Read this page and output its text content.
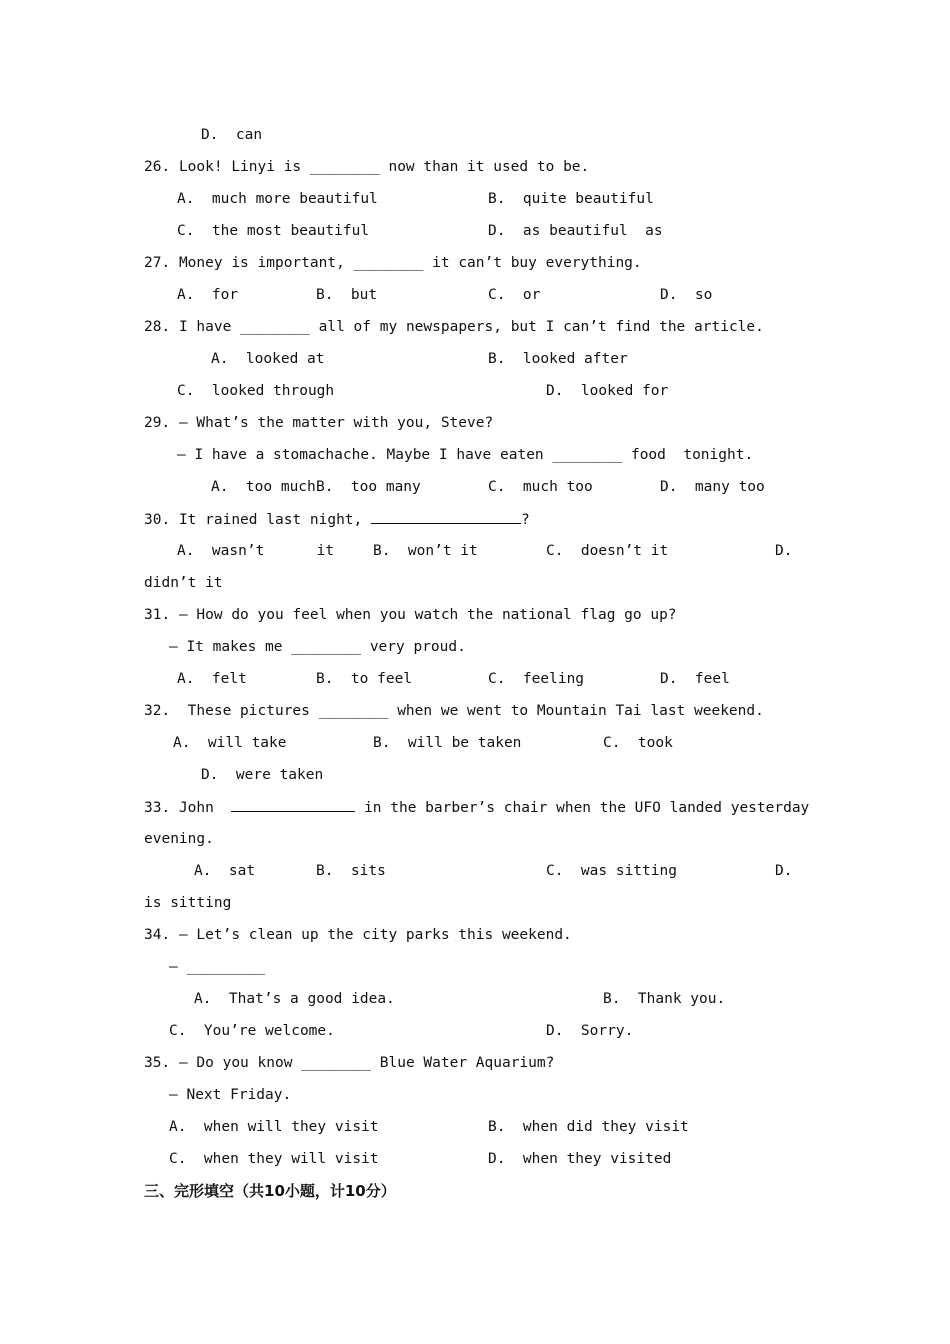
D.  can
26. Look! Linyi is ________ now than it used to be.
A.  much more beautiful	B.  quite beautiful
C.  the most beautiful	D.  as beautiful  as
27. Money is important, ________ it can’t buy everything.
A.  for	B.  but	C.  or	D.  so
28. I have ________ all of my newspapers, but I can’t find the article.
A.  looked at	B.  looked after
C.  looked through	D.  looked for
29. — What’s the matter with you, Steve?
— I have a stomachache. Maybe I have eaten ________ food  tonight.
A.  too much B.  too many	C.  much too	D.  many too
30. It rained last night,	?
A.  wasn’t      it	B.  won’t it	C.  doesn’t it	D.
didn’t it
31. — How do you feel when you watch the national flag go up?
— It makes me ________ very proud.
A.  felt	B.  to feel	C.  feeling	D.  feel
32.  These pictures ________ when we went to Mountain Tai last weekend.
A.  will take	B.  will be taken	C.  took
D.  were taken
33. John	in the barber’s chair when the UFO landed yesterday
evening.
A.  sat	B.  sits	C.  was sitting	D.
is sitting
34. — Let’s clean up the city parks this weekend.
— _________
A.  That’s a good idea.	B.  Thank you.
C.  You’re welcome.	D.  Sorry.
35. — Do you know ________ Blue Water Aquarium?
— Next Friday.
A.  when will they visit	B.  when did they visit
C.  when they will visit	D.  when they visited
三、完形填空（共10小题，计10分）
